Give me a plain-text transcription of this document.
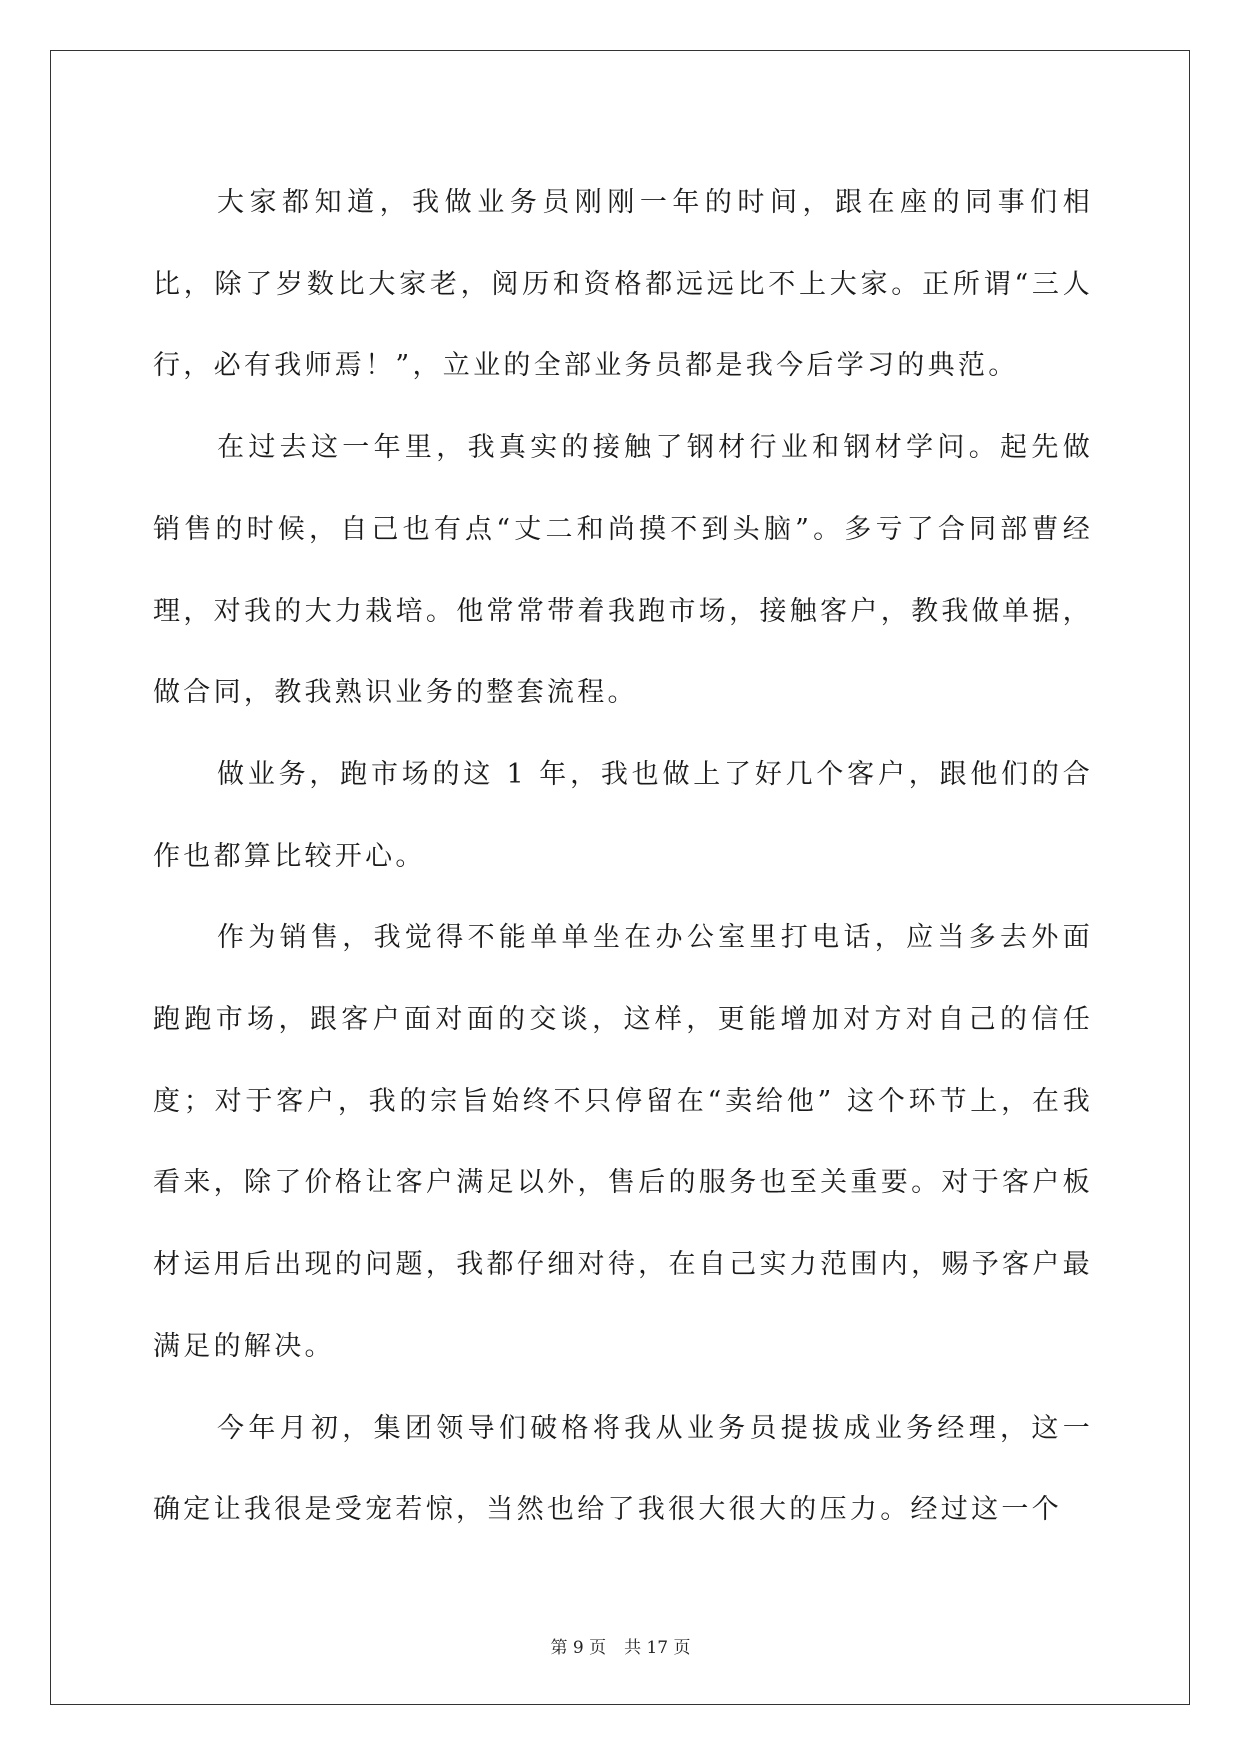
大家都知道，我做业务员刚刚一年的时间，跟在座的同事们相比，除了岁数比大家老，阅历和资格都远远比不上大家。正所谓“三人行，必有我师焉！”，立业的全部业务员都是我今后学习的典范。

在过去这一年里，我真实的接触了钢材行业和钢材学问。起先做销售的时候，自己也有点“丈二和尚摸不到头脑”。多亏了合同部曹经理，对我的大力栽培。他常常带着我跑市场，接触客户，教我做单据，做合同，教我熟识业务的整套流程。

做业务，跑市场的这 1 年，我也做上了好几个客户，跟他们的合作也都算比较开心。

作为销售，我觉得不能单单坐在办公室里打电话，应当多去外面跑跑市场，跟客户面对面的交谈，这样，更能增加对方对自己的信任度；对于客户，我的宗旨始终不只停留在“卖给他” 这个环节上，在我看来，除了价格让客户满足以外，售后的服务也至关重要。对于客户板材运用后出现的问题，我都仔细对待，在自己实力范围内，赐予客户最满足的解决。

今年月初，集团领导们破格将我从业务员提拔成业务经理，这一确定让我很是受宠若惊，当然也给了我很大很大的压力。经过这一个

第 9 页 共 17 页
